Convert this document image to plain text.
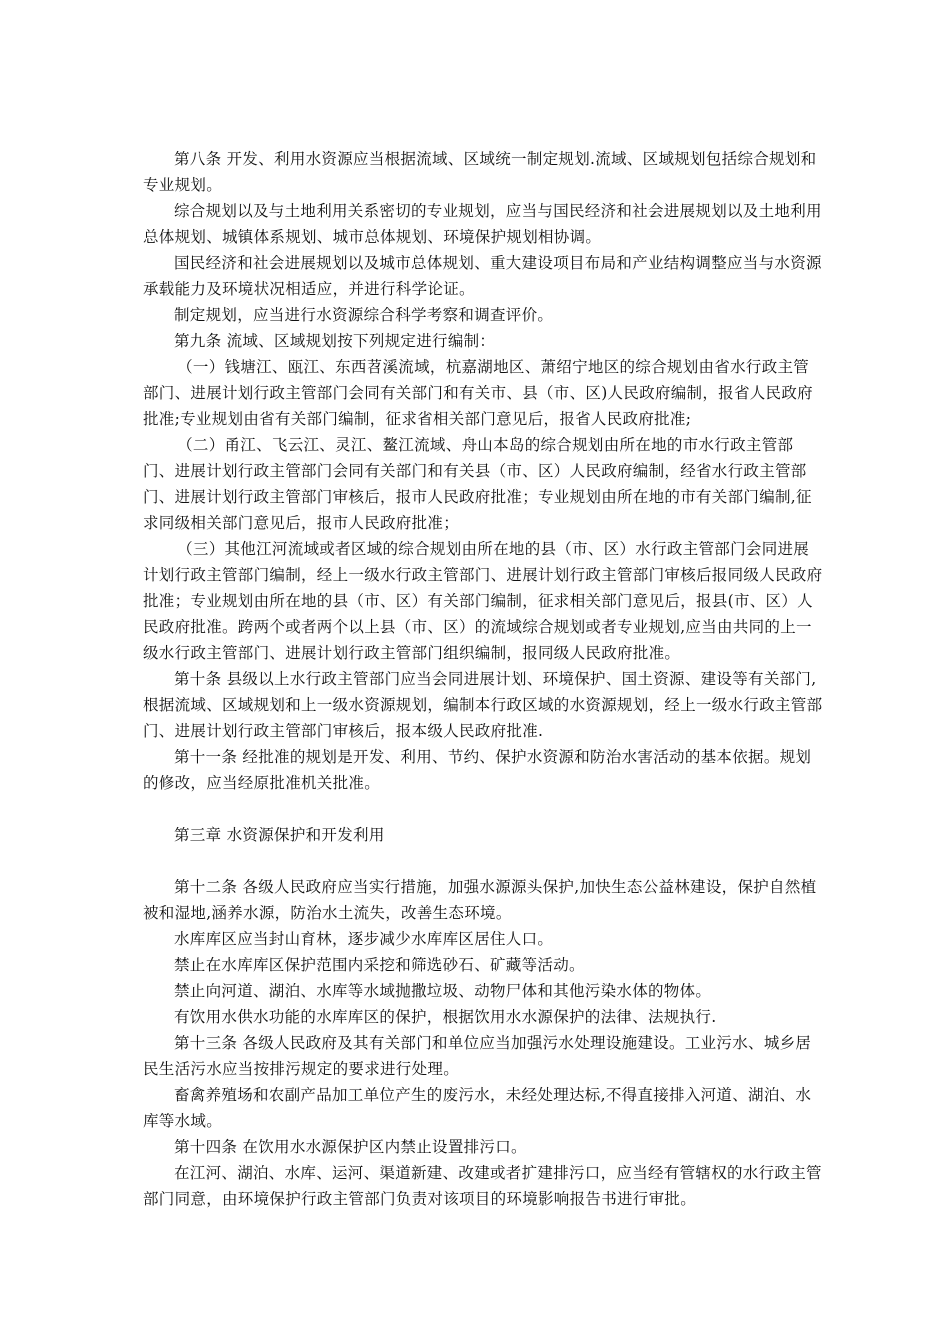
第八条 开发、利用水资源应当根据流域、区域统一制定规划.流域、区域规划包括综合规划和专业规划。

综合规划以及与土地利用关系密切的专业规划，应当与国民经济和社会进展规划以及土地利用总体规划、城镇体系规划、城市总体规划、环境保护规划相协调。

国民经济和社会进展规划以及城市总体规划、重大建设项目布局和产业结构调整应当与水资源承载能力及环境状况相适应，并进行科学论证。

制定规划，应当进行水资源综合科学考察和调查评价。

第九条 流域、区域规划按下列规定进行编制：

（一）钱塘江、瓯江、东西苕溪流域，杭嘉湖地区、萧绍宁地区的综合规划由省水行政主管部门、进展计划行政主管部门会同有关部门和有关市、县（市、区)人民政府编制，报省人民政府批准;专业规划由省有关部门编制，征求省相关部门意见后，报省人民政府批准;

（二）甬江、飞云江、灵江、鳌江流域、舟山本岛的综合规划由所在地的市水行政主管部门、进展计划行政主管部门会同有关部门和有关县（市、区）人民政府编制，经省水行政主管部门、进展计划行政主管部门审核后，报市人民政府批准；专业规划由所在地的市有关部门编制,征求同级相关部门意见后，报市人民政府批准；

（三）其他江河流域或者区域的综合规划由所在地的县（市、区）水行政主管部门会同进展计划行政主管部门编制，经上一级水行政主管部门、进展计划行政主管部门审核后报同级人民政府批准；专业规划由所在地的县（市、区）有关部门编制，征求相关部门意见后，报县(市、区）人民政府批准。跨两个或者两个以上县（市、区）的流域综合规划或者专业规划,应当由共同的上一级水行政主管部门、进展计划行政主管部门组织编制，报同级人民政府批准。

第十条 县级以上水行政主管部门应当会同进展计划、环境保护、国土资源、建设等有关部门,根据流域、区域规划和上一级水资源规划，编制本行政区域的水资源规划，经上一级水行政主管部门、进展计划行政主管部门审核后，报本级人民政府批准.

第十一条 经批准的规划是开发、利用、节约、保护水资源和防治水害活动的基本依据。规划的修改，应当经原批准机关批准。

第三章 水资源保护和开发利用

第十二条 各级人民政府应当实行措施，加强水源源头保护,加快生态公益林建设，保护自然植被和湿地,涵养水源，防治水土流失，改善生态环境。

水库库区应当封山育林，逐步减少水库库区居住人口。

禁止在水库库区保护范围内采挖和筛选砂石、矿藏等活动。

禁止向河道、湖泊、水库等水域抛撒垃圾、动物尸体和其他污染水体的物体。

有饮用水供水功能的水库库区的保护，根据饮用水水源保护的法律、法规执行.

第十三条 各级人民政府及其有关部门和单位应当加强污水处理设施建设。工业污水、城乡居民生活污水应当按排污规定的要求进行处理。

畜禽养殖场和农副产品加工单位产生的废污水，未经处理达标,不得直接排入河道、湖泊、水库等水域。

第十四条 在饮用水水源保护区内禁止设置排污口。

在江河、湖泊、水库、运河、渠道新建、改建或者扩建排污口，应当经有管辖权的水行政主管部门同意，由环境保护行政主管部门负责对该项目的环境影响报告书进行审批。
